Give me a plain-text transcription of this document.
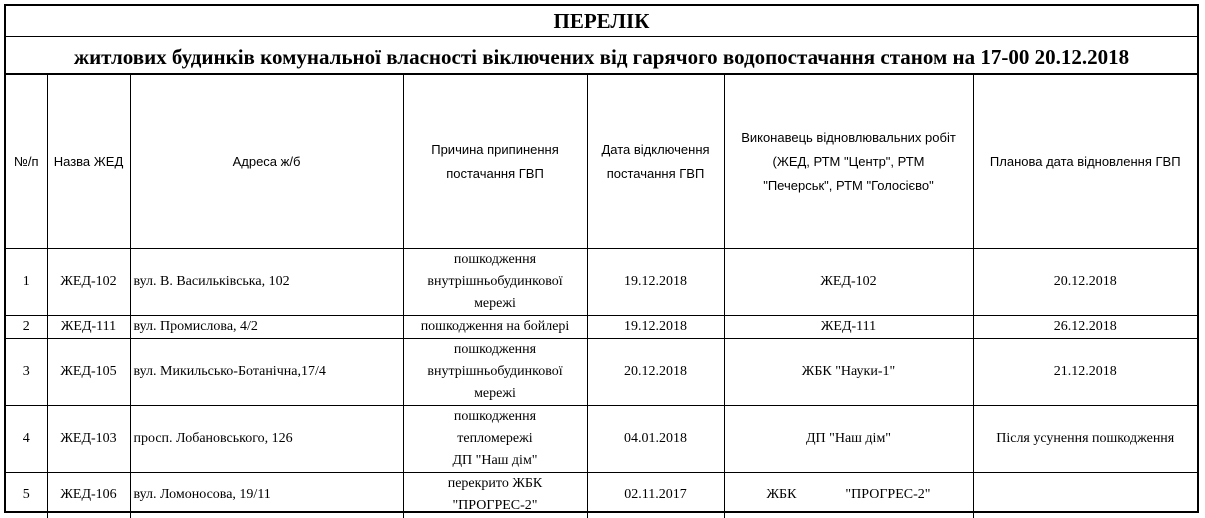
ПЕРЕЛІК
житлових будинків комунальної власності віключених від гарячого водопостачання станом на 17-00 20.12.2018
№/п	Назва ЖЕД	Адреса ж/б	Причина припинення
постачання ГВП	Дата відключення
постачання ГВП	Виконавець відновлювальних робіт
(ЖЕД, РТМ "Центр", РТМ
"Печерськ", РТМ "Голосієво"	Планова дата відновлення ГВП
1	ЖЕД-102	вул. В. Васильківська, 102	пошкодження
внутрішньобудинкової
мережі	19.12.2018	ЖЕД-102	20.12.2018
2	ЖЕД-111	вул. Промислова, 4/2	пошкодження на бойлері	19.12.2018	ЖЕД-111	26.12.2018
3	ЖЕД-105	вул. Микильсько-Ботанічна,17/4	пошкодження
внутрішньобудинкової
мережі	20.12.2018	ЖБК "Науки-1"	21.12.2018
4	ЖЕД-103	просп. Лобановського, 126	пошкодження
тепломережі
ДП "Наш дім"	04.01.2018	ДП "Наш дім"	Після усунення пошкодження
5	ЖЕД-106	вул. Ломоносова, 19/11	перекрито ЖБК
"ПРОГРЕС-2"	02.11.2017	ЖБК              "ПРОГРЕС-2"	
